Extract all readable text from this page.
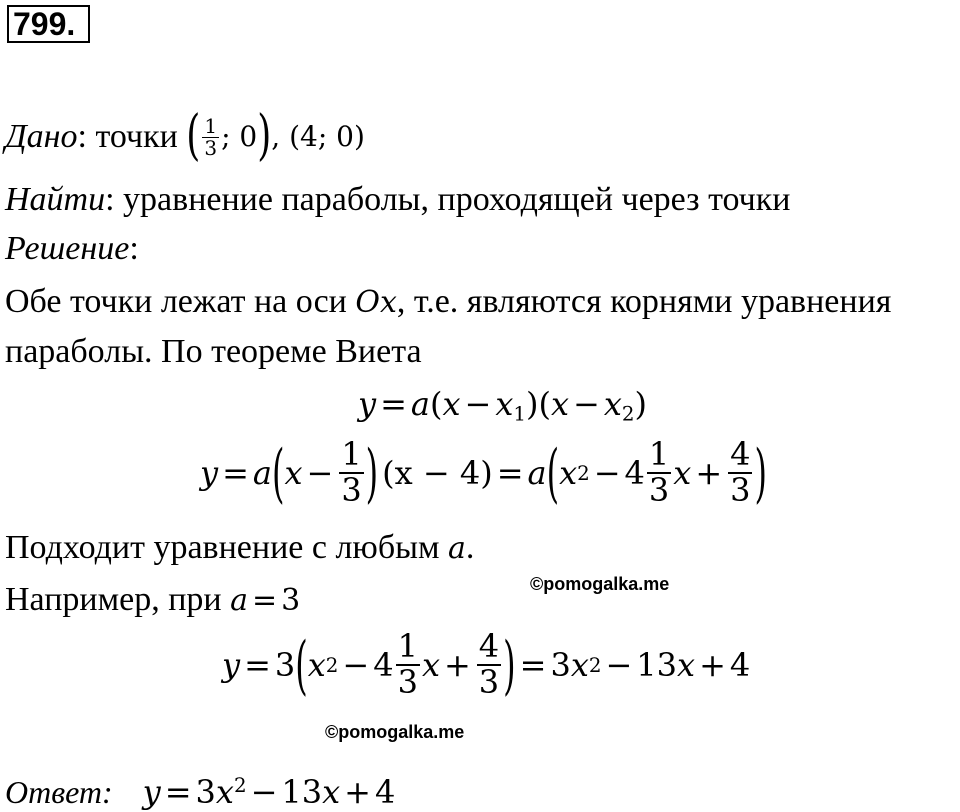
799.
Дано : точки ( $\frac{1}{3}$ ; 0 ) , (4; 0)
Найти: уравнение параболы, проходящей через точки
Решение:
Обе точки лежат на оси Ox, т.е. являются корнями уравнения
параболы. По теореме Виета
$y = a(x - x_1)(x - x_2)$
y = a ( $x - \frac{1}{3}$ ) (x − 4) = a ( x $2 - 4 \frac{1}{3}$ $x + \frac{4}{3}$ )
Подходит уравнение с любым a.
Например, при a = 3	©pomogalka.me
y = 3 ( x $2 - 4 \frac{1}{3}$ $x + \frac{4}{3}$ ) = 3 x 2 − 13 x + 4
©pomogalka.me
Ответ: $y = 3x^2 - 13x + 4$
